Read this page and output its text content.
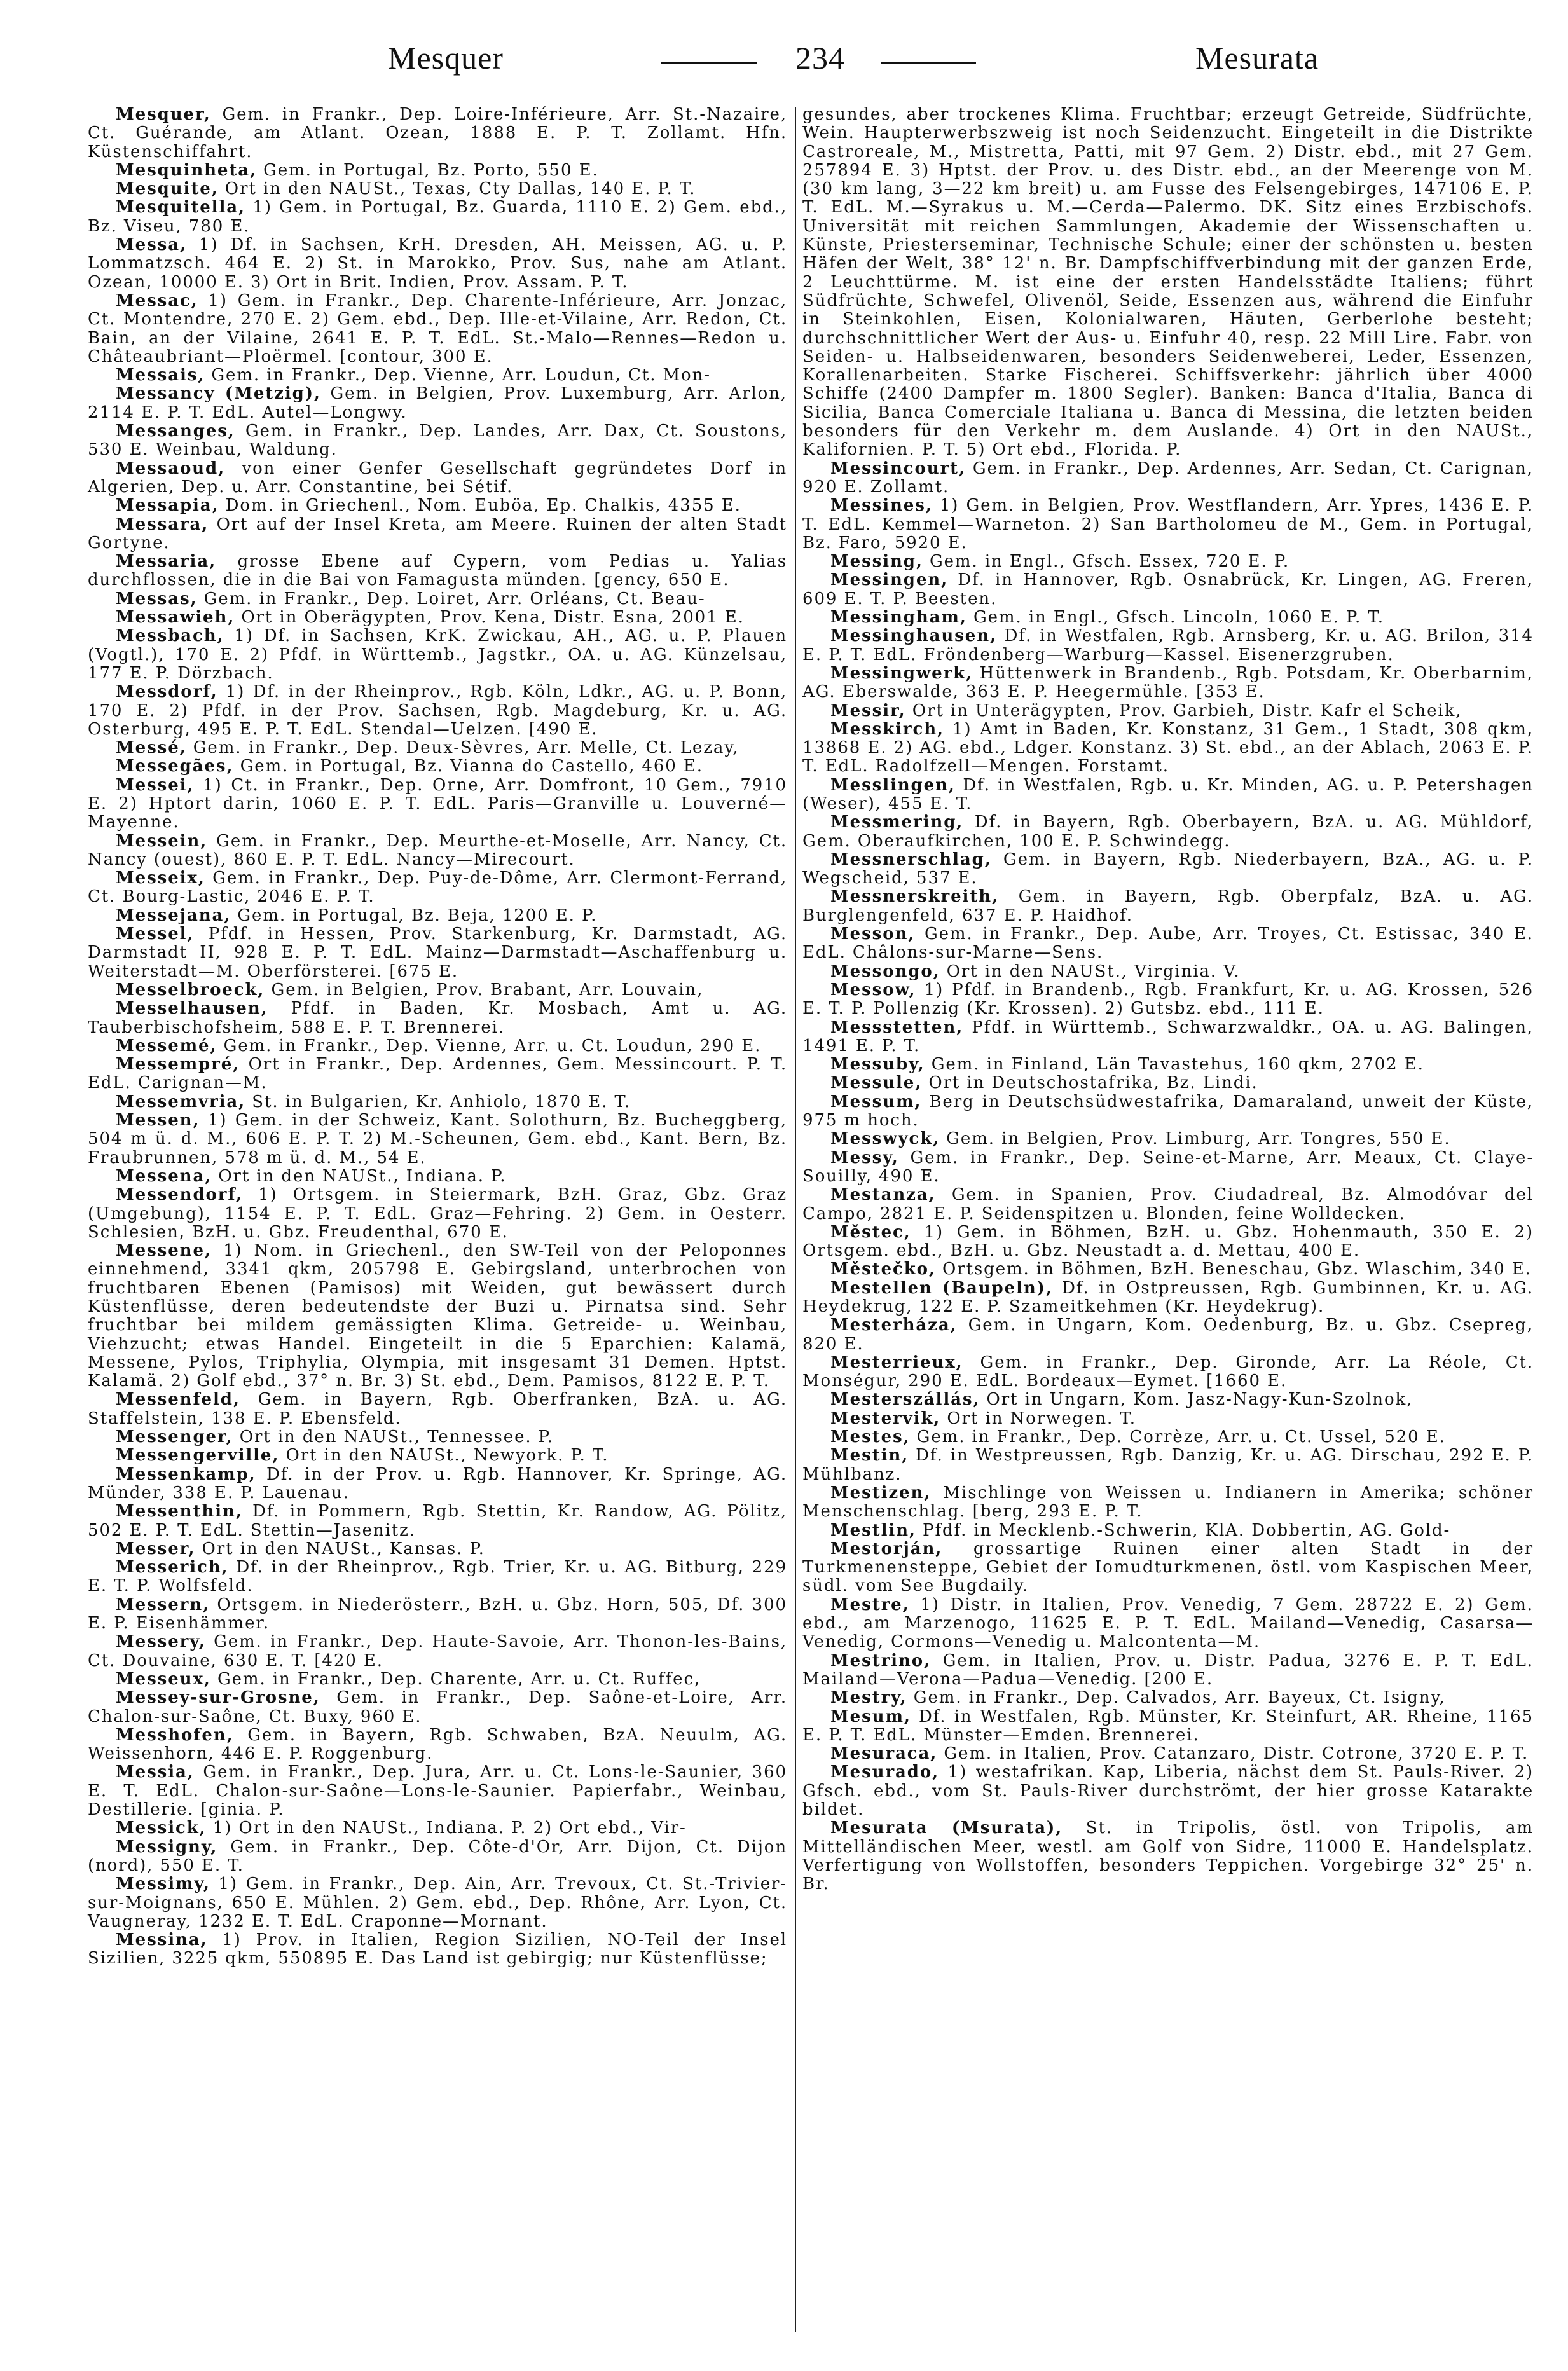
Mesquer	234	Mesurata

Mesquer, Gem. in Frankr., Dep. Loire-Inférieure, Arr. St.-Nazaire, Ct. Guérande, am Atlant. Ozean, 1888 E. P. T. Zollamt. Hfn. Küstenschiffahrt.

Mesquinheta, Gem. in Portugal, Bz. Porto, 550 E.

Mesquite, Ort in den NAUSt., Texas, Cty Dallas, 140 E. P. T.

Mesquitella, 1) Gem. in Portugal, Bz. Guarda, 1110 E. 2) Gem. ebd., Bz. Viseu, 780 E.

Messa, 1) Df. in Sachsen, KrH. Dresden, AH. Meissen, AG. u. P. Lommatzsch. 464 E. 2) St. in Marokko, Prov. Sus, nahe am Atlant. Ozean, 10000 E. 3) Ort in Brit. Indien, Prov. Assam. P. T.

Messac, 1) Gem. in Frankr., Dep. Charente-Inférieure, Arr. Jonzac, Ct. Montendre, 270 E. 2) Gem. ebd., Dep. Ille-et-Vilaine, Arr. Redon, Ct. Bain, an der Vilaine, 2641 E. P. T. EdL. St.-Malo—Rennes—Redon u. Châteaubriant—Ploërmel. [contour, 300 E.

Messais, Gem. in Frankr., Dep. Vienne, Arr. Loudun, Ct. Mon-

Messancy (Metzig), Gem. in Belgien, Prov. Luxemburg, Arr. Arlon, 2114 E. P. T. EdL. Autel—Longwy.

Messanges, Gem. in Frankr., Dep. Landes, Arr. Dax, Ct. Soustons, 530 E. Weinbau, Waldung.

Messaoud, von einer Genfer Gesellschaft gegründetes Dorf in Algerien, Dep. u. Arr. Constantine, bei Sétif.

Messapia, Dom. in Griechenl., Nom. Euböa, Ep. Chalkis, 4355 E.

Messara, Ort auf der Insel Kreta, am Meere. Ruinen der alten Stadt Gortyne.

Messaria, grosse Ebene auf Cypern, vom Pedias u. Yalias durchflossen, die in die Bai von Famagusta münden. [gency, 650 E.

Messas, Gem. in Frankr., Dep. Loiret, Arr. Orléans, Ct. Beau-

Messawieh, Ort in Oberägypten, Prov. Kena, Distr. Esna, 2001 E.

Messbach, 1) Df. in Sachsen, KrK. Zwickau, AH., AG. u. P. Plauen (Vogtl.), 170 E. 2) Pfdf. in Württemb., Jagstkr., OA. u. AG. Künzelsau, 177 E. P. Dörzbach.

Messdorf, 1) Df. in der Rheinprov., Rgb. Köln, Ldkr., AG. u. P. Bonn, 170 E. 2) Pfdf. in der Prov. Sachsen, Rgb. Magdeburg, Kr. u. AG. Osterburg, 495 E. P. T. EdL. Stendal—Uelzen. [490 E.

Messé, Gem. in Frankr., Dep. Deux-Sèvres, Arr. Melle, Ct. Lezay,

Messegães, Gem. in Portugal, Bz. Vianna do Castello, 460 E.

Messei, 1) Ct. in Frankr., Dep. Orne, Arr. Domfront, 10 Gem., 7910 E. 2) Hptort darin, 1060 E. P. T. EdL. Paris—Granville u. Louverné—Mayenne.

Messein, Gem. in Frankr., Dep. Meurthe-et-Moselle, Arr. Nancy, Ct. Nancy (ouest), 860 E. P. T. EdL. Nancy—Mirecourt.

Messeix, Gem. in Frankr., Dep. Puy-de-Dôme, Arr. Clermont-Ferrand, Ct. Bourg-Lastic, 2046 E. P. T.

Messejana, Gem. in Portugal, Bz. Beja, 1200 E. P.

Messel, Pfdf. in Hessen, Prov. Starkenburg, Kr. Darmstadt, AG. Darmstadt II, 928 E. P. T. EdL. Mainz—Darmstadt—Aschaffenburg u. Weiterstadt—M. Oberförsterei. [675 E.

Messelbroeck, Gem. in Belgien, Prov. Brabant, Arr. Louvain,

Messelhausen, Pfdf. in Baden, Kr. Mosbach, Amt u. AG. Tauberbischofsheim, 588 E. P. T. Brennerei.

Messemé, Gem. in Frankr., Dep. Vienne, Arr. u. Ct. Loudun, 290 E.

Messempré, Ort in Frankr., Dep. Ardennes, Gem. Messincourt. P. T. EdL. Carignan—M.

Messemvria, St. in Bulgarien, Kr. Anhiolo, 1870 E. T.

Messen, 1) Gem. in der Schweiz, Kant. Solothurn, Bz. Bucheggberg, 504 m ü. d. M., 606 E. P. T. 2) M.-Scheunen, Gem. ebd., Kant. Bern, Bz. Fraubrunnen, 578 m ü. d. M., 54 E.

Messena, Ort in den NAUSt., Indiana. P.

Messendorf, 1) Ortsgem. in Steiermark, BzH. Graz, Gbz. Graz (Umgebung), 1154 E. P. T. EdL. Graz—Fehring. 2) Gem. in Oesterr. Schlesien, BzH. u. Gbz. Freudenthal, 670 E.

Messene, 1) Nom. in Griechenl., den SW-Teil von der Peloponnes einnehmend, 3341 qkm, 205798 E. Gebirgsland, unterbrochen von fruchtbaren Ebenen (Pamisos) mit Weiden, gut bewässert durch Küstenflüsse, deren bedeutendste der Buzi u. Pirnatsa sind. Sehr fruchtbar bei mildem gemässigten Klima. Getreide- u. Weinbau, Viehzucht; etwas Handel. Eingeteilt in die 5 Eparchien: Kalamä, Messene, Pylos, Triphylia, Olympia, mit insgesamt 31 Demen. Hptst. Kalamä. 2) Golf ebd., 37° n. Br. 3) St. ebd., Dem. Pamisos, 8122 E. P. T.

Messenfeld, Gem. in Bayern, Rgb. Oberfranken, BzA. u. AG. Staffelstein, 138 E. P. Ebensfeld.

Messenger, Ort in den NAUSt., Tennessee. P.

Messengerville, Ort in den NAUSt., Newyork. P. T.

Messenkamp, Df. in der Prov. u. Rgb. Hannover, Kr. Springe, AG. Münder, 338 E. P. Lauenau.

Messenthin, Df. in Pommern, Rgb. Stettin, Kr. Randow, AG. Pölitz, 502 E. P. T. EdL. Stettin—Jasenitz.

Messer, Ort in den NAUSt., Kansas. P.

Messerich, Df. in der Rheinprov., Rgb. Trier, Kr. u. AG. Bitburg, 229 E. T. P. Wolfsfeld.

Messern, Ortsgem. in Niederösterr., BzH. u. Gbz. Horn, 505, Df. 300 E. P. Eisenhämmer.

Messery, Gem. in Frankr., Dep. Haute-Savoie, Arr. Thonon-les-Bains, Ct. Douvaine, 630 E. T. [420 E.

Messeux, Gem. in Frankr., Dep. Charente, Arr. u. Ct. Ruffec,

Messey-sur-Grosne, Gem. in Frankr., Dep. Saône-et-Loire, Arr. Chalon-sur-Saône, Ct. Buxy, 960 E.

Messhofen, Gem. in Bayern, Rgb. Schwaben, BzA. Neuulm, AG. Weissenhorn, 446 E. P. Roggenburg.

Messia, Gem. in Frankr., Dep. Jura, Arr. u. Ct. Lons-le-Saunier, 360 E. T. EdL. Chalon-sur-Saône—Lons-le-Saunier. Papierfabr., Weinbau, Destillerie. [ginia. P.

Messick, 1) Ort in den NAUSt., Indiana. P. 2) Ort ebd., Vir-

Messigny, Gem. in Frankr., Dep. Côte-d'Or, Arr. Dijon, Ct. Dijon (nord), 550 E. T.

Messimy, 1) Gem. in Frankr., Dep. Ain, Arr. Trevoux, Ct. St.-Trivier-sur-Moignans, 650 E. Mühlen. 2) Gem. ebd., Dep. Rhône, Arr. Lyon, Ct. Vaugneray, 1232 E. T. EdL. Craponne—Mornant.

Messina, 1) Prov. in Italien, Region Sizilien, NO-Teil der Insel Sizilien, 3225 qkm, 550895 E. Das Land ist gebirgig; nur Küstenflüsse;

gesundes, aber trockenes Klima. Fruchtbar; erzeugt Getreide, Südfrüchte, Wein. Haupterwerbszweig ist noch Seidenzucht. Eingeteilt in die Distrikte Castroreale, M., Mistretta, Patti, mit 97 Gem. 2) Distr. ebd., mit 27 Gem. 257894 E. 3) Hptst. der Prov. u. des Distr. ebd., an der Meerenge von M. (30 km lang, 3—22 km breit) u. am Fusse des Felsengebirges, 147106 E. P. T. EdL. M.—Syrakus u. M.—Cerda—Palermo. DK. Sitz eines Erzbischofs. Universität mit reichen Sammlungen, Akademie der Wissenschaften u. Künste, Priesterseminar, Technische Schule; einer der schönsten u. besten Häfen der Welt, 38° 12' n. Br. Dampfschiffverbindung mit der ganzen Erde, 2 Leuchttürme. M. ist eine der ersten Handelsstädte Italiens; führt Südfrüchte, Schwefel, Olivenöl, Seide, Essenzen aus, während die Einfuhr in Steinkohlen, Eisen, Kolonialwaren, Häuten, Gerberlohe besteht; durchschnittlicher Wert der Aus- u. Einfuhr 40, resp. 22 Mill Lire. Fabr. von Seiden- u. Halbseidenwaren, besonders Seidenweberei, Leder, Essenzen, Korallenarbeiten. Starke Fischerei. Schiffsverkehr: jährlich über 4000 Schiffe (2400 Dampfer m. 1800 Segler). Banken: Banca d'Italia, Banca di Sicilia, Banca Comerciale Italiana u. Banca di Messina, die letzten beiden besonders für den Verkehr m. dem Auslande. 4) Ort in den NAUSt., Kalifornien. P. T. 5) Ort ebd., Florida. P.

Messincourt, Gem. in Frankr., Dep. Ardennes, Arr. Sedan, Ct. Carignan, 920 E. Zollamt.

Messines, 1) Gem. in Belgien, Prov. Westflandern, Arr. Ypres, 1436 E. P. T. EdL. Kemmel—Warneton. 2) San Bartholomeu de M., Gem. in Portugal, Bz. Faro, 5920 E.

Messing, Gem. in Engl., Gfsch. Essex, 720 E. P.

Messingen, Df. in Hannover, Rgb. Osnabrück, Kr. Lingen, AG. Freren, 609 E. T. P. Beesten.

Messingham, Gem. in Engl., Gfsch. Lincoln, 1060 E. P. T.

Messinghausen, Df. in Westfalen, Rgb. Arnsberg, Kr. u. AG. Brilon, 314 E. P. T. EdL. Fröndenberg—Warburg—Kassel. Eisenerzgruben.

Messingwerk, Hüttenwerk in Brandenb., Rgb. Potsdam, Kr. Oberbarnim, AG. Eberswalde, 363 E. P. Heegermühle. [353 E.

Messir, Ort in Unterägypten, Prov. Garbieh, Distr. Kafr el Scheik,

Messkirch, 1) Amt in Baden, Kr. Konstanz, 31 Gem., 1 Stadt, 308 qkm, 13868 E. 2) AG. ebd., Ldger. Konstanz. 3) St. ebd., an der Ablach, 2063 E. P. T. EdL. Radolfzell—Mengen. Forstamt.

Messlingen, Df. in Westfalen, Rgb. u. Kr. Minden, AG. u. P. Petershagen (Weser), 455 E. T.

Messmering, Df. in Bayern, Rgb. Oberbayern, BzA. u. AG. Mühldorf, Gem. Oberaufkirchen, 100 E. P. Schwindegg.

Messnerschlag, Gem. in Bayern, Rgb. Niederbayern, BzA., AG. u. P. Wegscheid, 537 E.

Messnerskreith, Gem. in Bayern, Rgb. Oberpfalz, BzA. u. AG. Burglengenfeld, 637 E. P. Haidhof.

Messon, Gem. in Frankr., Dep. Aube, Arr. Troyes, Ct. Estissac, 340 E. EdL. Châlons-sur-Marne—Sens.

Messongo, Ort in den NAUSt., Virginia. V.

Messow, 1) Pfdf. in Brandenb., Rgb. Frankfurt, Kr. u. AG. Krossen, 526 E. T. P. Pollenzig (Kr. Krossen). 2) Gutsbz. ebd., 111 E.

Messstetten, Pfdf. in Württemb., Schwarzwaldkr., OA. u. AG. Balingen, 1491 E. P. T.

Messuby, Gem. in Finland, Län Tavastehus, 160 qkm, 2702 E.

Messule, Ort in Deutschostafrika, Bz. Lindi.

Messum, Berg in Deutschsüdwestafrika, Damaraland, unweit der Küste, 975 m hoch.

Messwyck, Gem. in Belgien, Prov. Limburg, Arr. Tongres, 550 E.

Messy, Gem. in Frankr., Dep. Seine-et-Marne, Arr. Meaux, Ct. Claye-Souilly, 490 E.

Mestanza, Gem. in Spanien, Prov. Ciudadreal, Bz. Almodóvar del Campo, 2821 E. P. Seidenspitzen u. Blonden, feine Wolldecken.

Městec, 1) Gem. in Böhmen, BzH. u. Gbz. Hohenmauth, 350 E. 2) Ortsgem. ebd., BzH. u. Gbz. Neustadt a. d. Mettau, 400 E.

Městečko, Ortsgem. in Böhmen, BzH. Beneschau, Gbz. Wlaschim, 340 E.

Mestellen (Baupeln), Df. in Ostpreussen, Rgb. Gumbinnen, Kr. u. AG. Heydekrug, 122 E. P. Szameitkehmen (Kr. Heydekrug).

Mesterháza, Gem. in Ungarn, Kom. Oedenburg, Bz. u. Gbz. Csepreg, 820 E.

Mesterrieux, Gem. in Frankr., Dep. Gironde, Arr. La Réole, Ct. Monségur, 290 E. EdL. Bordeaux—Eymet. [1660 E.

Mesterszállás, Ort in Ungarn, Kom. Jasz-Nagy-Kun-Szolnok,

Mestervik, Ort in Norwegen. T.

Mestes, Gem. in Frankr., Dep. Corrèze, Arr. u. Ct. Ussel, 520 E.

Mestin, Df. in Westpreussen, Rgb. Danzig, Kr. u. AG. Dirschau, 292 E. P. Mühlbanz.

Mestizen, Mischlinge von Weissen u. Indianern in Amerika; schöner Menschenschlag. [berg, 293 E. P. T.

Mestlin, Pfdf. in Mecklenb.-Schwerin, KlA. Dobbertin, AG. Gold-

Mestorján, grossartige Ruinen einer alten Stadt in der Turkmenensteppe, Gebiet der Iomudturkmenen, östl. vom Kaspischen Meer, südl. vom See Bugdaily.

Mestre, 1) Distr. in Italien, Prov. Venedig, 7 Gem. 28722 E. 2) Gem. ebd., am Marzenogo, 11625 E. P. T. EdL. Mailand—Venedig, Casarsa—Venedig, Cormons—Venedig u. Malcontenta—M.

Mestrino, Gem. in Italien, Prov. u. Distr. Padua, 3276 E. P. T. EdL. Mailand—Verona—Padua—Venedig. [200 E.

Mestry, Gem. in Frankr., Dep. Calvados, Arr. Bayeux, Ct. Isigny,

Mesum, Df. in Westfalen, Rgb. Münster, Kr. Steinfurt, AR. Rheine, 1165 E. P. T. EdL. Münster—Emden. Brennerei.

Mesuraca, Gem. in Italien, Prov. Catanzaro, Distr. Cotrone, 3720 E. P. T.

Mesurado, 1) westafrikan. Kap, Liberia, nächst dem St. Pauls-River. 2) Gfsch. ebd., vom St. Pauls-River durchströmt, der hier grosse Katarakte bildet.

Mesurata (Msurata), St. in Tripolis, östl. von Tripolis, am Mittelländischen Meer, westl. am Golf von Sidre, 11000 E. Handelsplatz. Verfertigung von Wollstoffen, besonders Teppichen. Vorgebirge 32° 25' n. Br.
